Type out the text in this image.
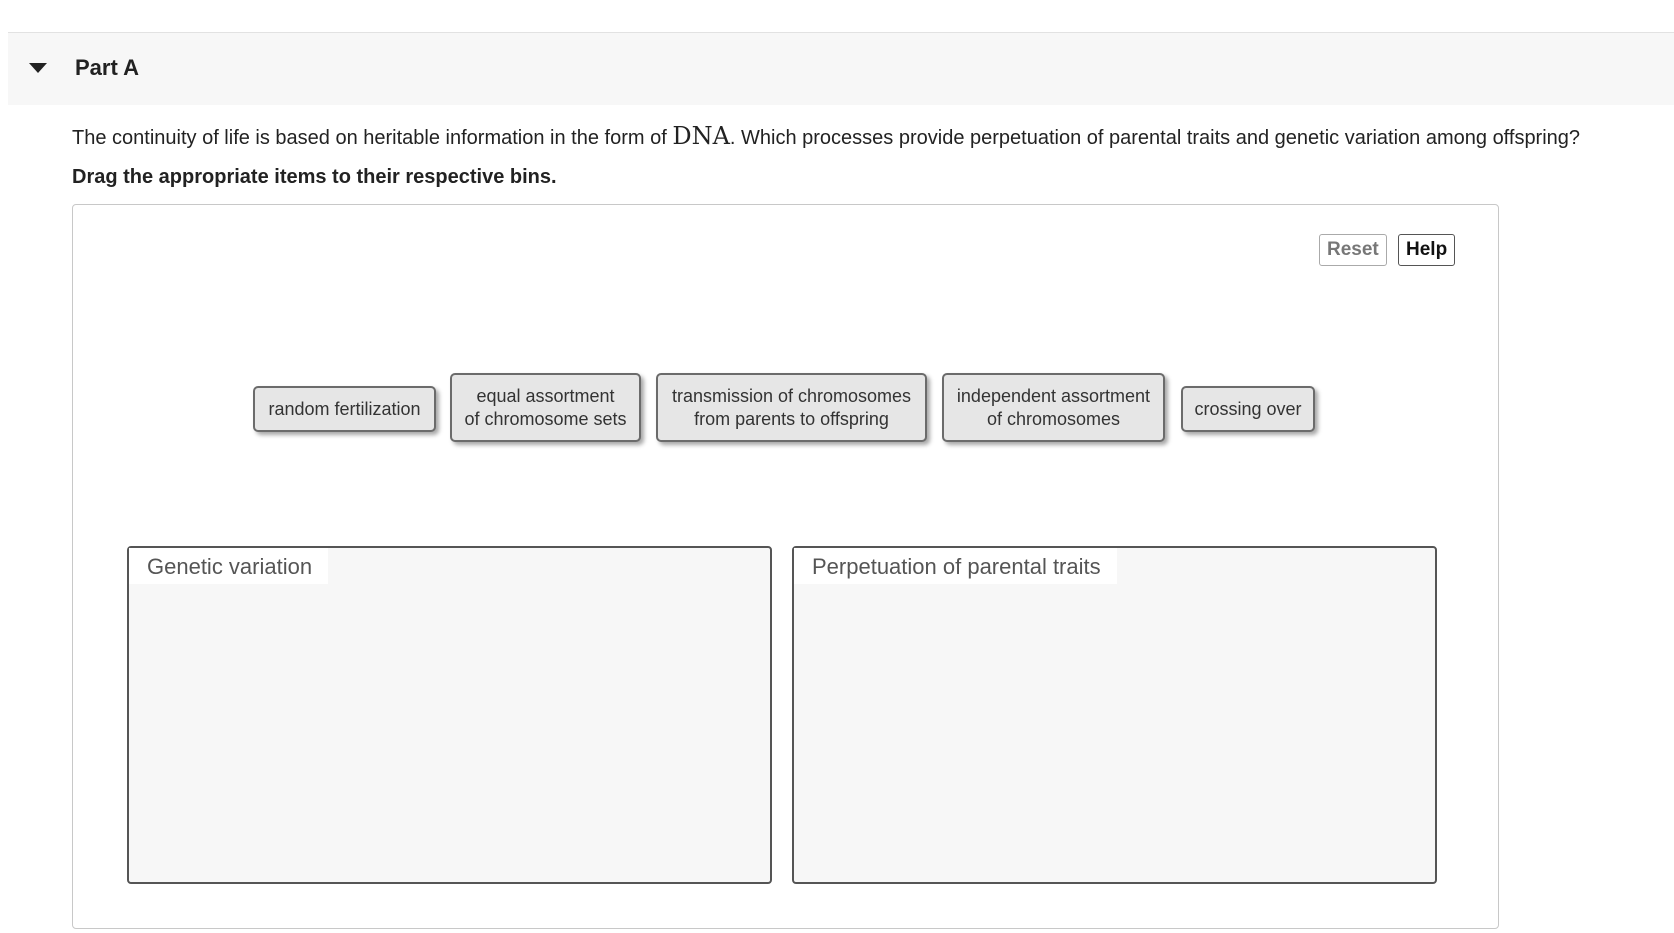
Part A
The continuity of life is based on heritable information in the form of DNA. Which processes provide perpetuation of parental traits and genetic variation among offspring?
Drag the appropriate items to their respective bins.
Reset	Help
random fertilization
equal assortment
of chromosome sets
transmission of chromosomes
from parents to offspring
independent assortment
of chromosomes	crossing over
Genetic variation	Perpetuation of parental traits
